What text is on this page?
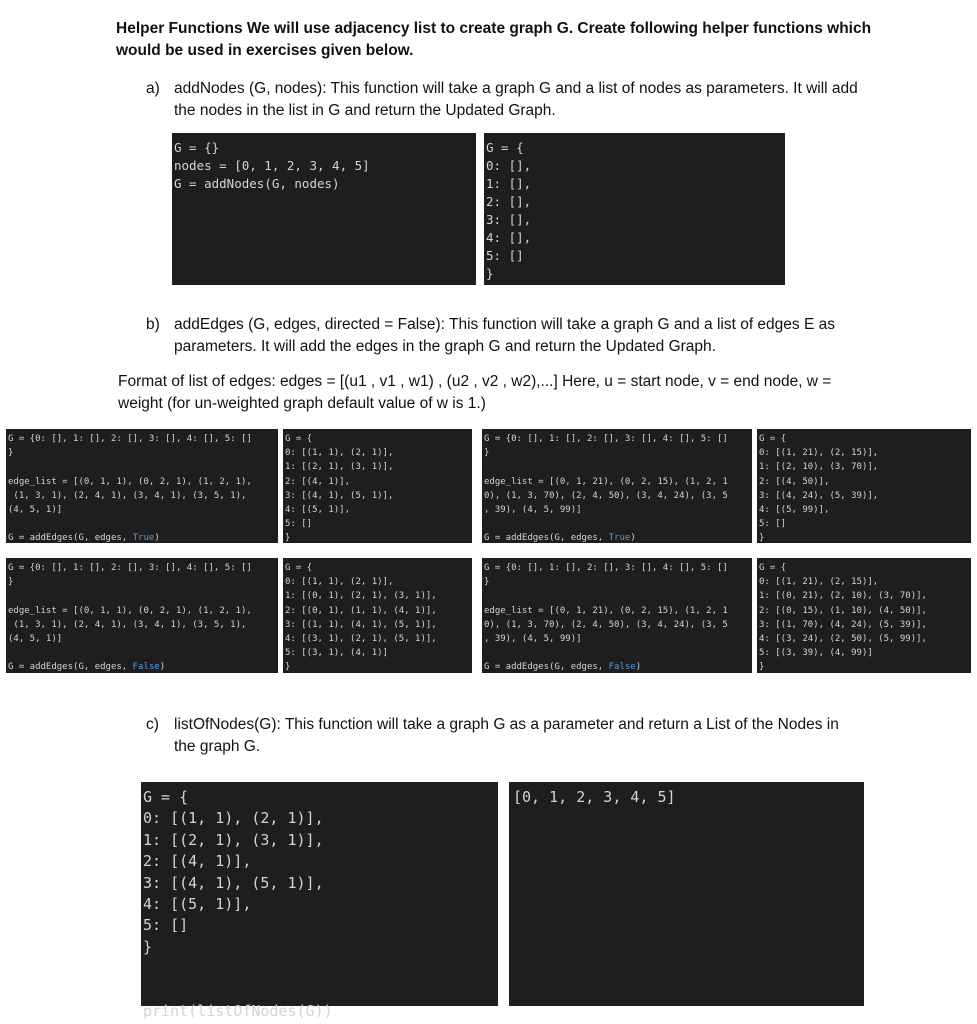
Helper Functions We will use adjacency list to create graph G. Create following helper functions which would be used in exercises given below.
a) addNodes (G, nodes): This function will take a graph G and a list of nodes as parameters. It will add the nodes in the list in G and return the Updated Graph.
G = {}
nodes = [0, 1, 2, 3, 4, 5]
G = addNodes(G, nodes)
G = {
0: [],
1: [],
2: [],
3: [],
4: [],
5: []
}
b) addEdges (G, edges, directed = False): This function will take a graph G and a list of edges E as parameters. It will add the edges in the graph G and return the Updated Graph.
Format of list of edges: edges = [(u1 , v1 , w1) , (u2 , v2 , w2),...] Here, u = start node, v = end node, w = weight (for un-weighted graph default value of w is 1.)
G = {0: [], 1: [], 2: [], 3: [], 4: [], 5: []
}

edge_list = [(0, 1, 1), (0, 2, 1), (1, 2, 1),
(1, 3, 1), (2, 4, 1), (3, 4, 1), (3, 5, 1),
(4, 5, 1)]

G = addEdges(G, edges, True)
G = {
0: [(1, 1), (2, 1)],
1: [(2, 1), (3, 1)],
2: [(4, 1)],
3: [(4, 1), (5, 1)],
4: [(5, 1)],
5: []
}
G = {0: [], 1: [], 2: [], 3: [], 4: [], 5: []
}

edge_list = [(0, 1, 21), (0, 2, 15), (1, 2, 1
0), (1, 3, 70), (2, 4, 50), (3, 4, 24), (3, 5
, 39), (4, 5, 99)]

G = addEdges(G, edges, True)
G = {
0: [(1, 21), (2, 15)],
1: [(2, 10), (3, 70)],
2: [(4, 50)],
3: [(4, 24), (5, 39)],
4: [(5, 99)],
5: []
}
G = {0: [], 1: [], 2: [], 3: [], 4: [], 5: []
}

edge_list = [(0, 1, 1), (0, 2, 1), (1, 2, 1),
(1, 3, 1), (2, 4, 1), (3, 4, 1), (3, 5, 1),
(4, 5, 1)]

G = addEdges(G, edges, False)
G = {
0: [(1, 1), (2, 1)],
1: [(0, 1), (2, 1), (3, 1)],
2: [(0, 1), (1, 1), (4, 1)],
3: [(1, 1), (4, 1), (5, 1)],
4: [(3, 1), (2, 1), (5, 1)],
5: [(3, 1), (4, 1)]
}
G = {0: [], 1: [], 2: [], 3: [], 4: [], 5: []
}

edge_list = [(0, 1, 21), (0, 2, 15), (1, 2, 1
0), (1, 3, 70), (2, 4, 50), (3, 4, 24), (3, 5
, 39), (4, 5, 99)]

G = addEdges(G, edges, False)
G = {
0: [(1, 21), (2, 15)],
1: [(0, 21), (2, 10), (3, 70)],
2: [(0, 15), (1, 10), (4, 50)],
3: [(1, 70), (4, 24), (5, 39)],
4: [(3, 24), (2, 50), (5, 99)],
5: [(3, 39), (4, 99)]
}
c) listOfNodes(G): This function will take a graph G as a parameter and return a List of the Nodes in the graph G.
G = {
0: [(1, 1), (2, 1)],
1: [(2, 1), (3, 1)],
2: [(4, 1)],
3: [(4, 1), (5, 1)],
4: [(5, 1)],
5: []
}

print(listOfNodes(G))
[0, 1, 2, 3, 4, 5]
